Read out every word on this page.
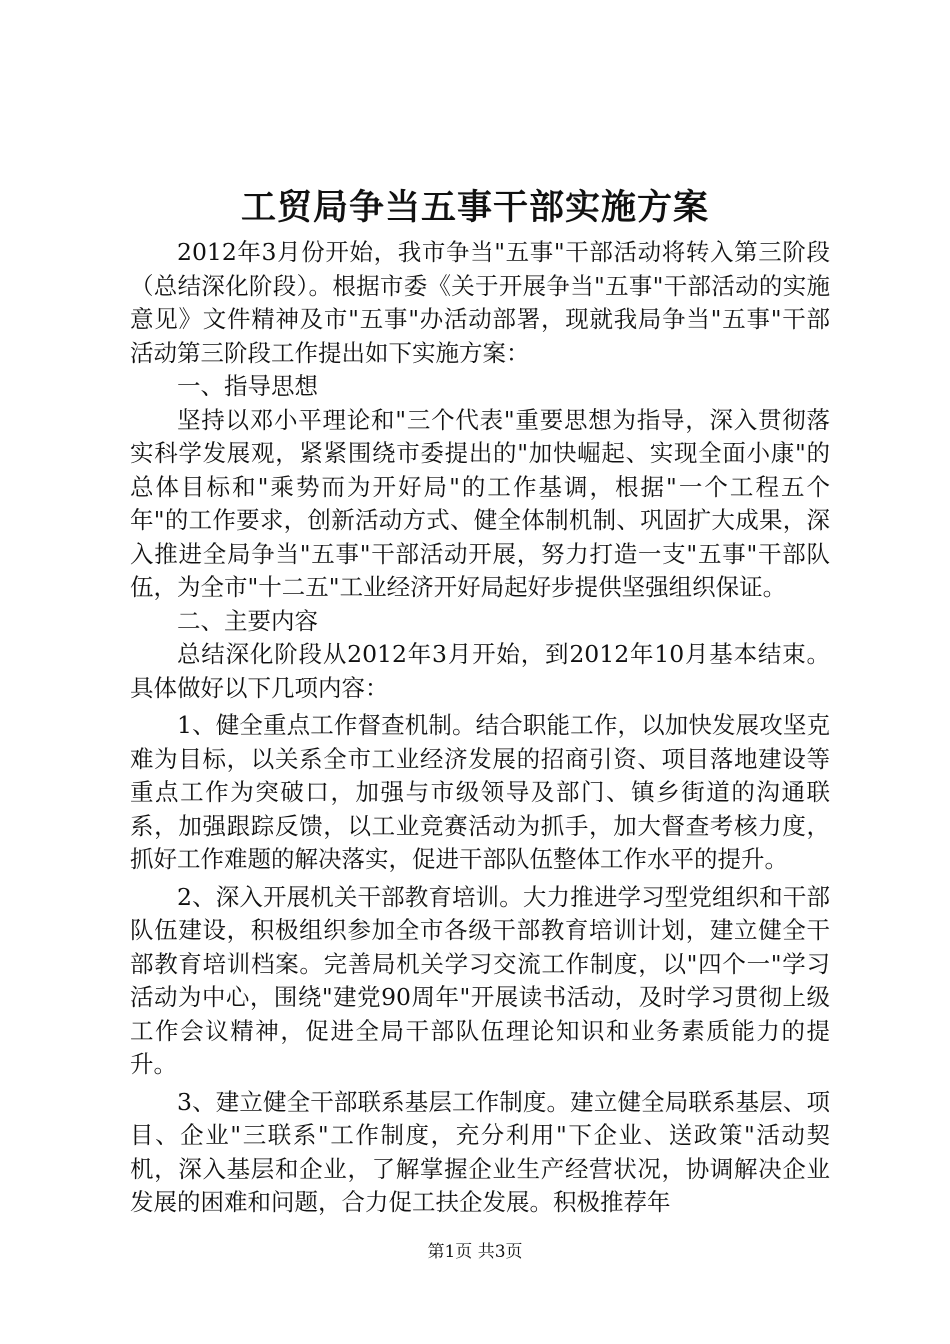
工贸局争当五事干部实施方案

2012年3月份开始，我市争当"五事"干部活动将转入第三阶段（总结深化阶段）。根据市委《关于开展争当"五事"干部活动的实施意见》文件精神及市"五事"办活动部署，现就我局争当"五事"干部活动第三阶段工作提出如下实施方案：

一、指导思想

坚持以邓小平理论和"三个代表"重要思想为指导，深入贯彻落实科学发展观，紧紧围绕市委提出的"加快崛起、实现全面小康"的总体目标和"乘势而为开好局"的工作基调，根据"一个工程五个年"的工作要求，创新活动方式、健全体制机制、巩固扩大成果，深入推进全局争当"五事"干部活动开展，努力打造一支"五事"干部队伍，为全市"十二五"工业经济开好局起好步提供坚强组织保证。

二、主要内容

总结深化阶段从2012年3月开始，到2012年10月基本结束。具体做好以下几项内容：

1、健全重点工作督查机制。结合职能工作，以加快发展攻坚克难为目标，以关系全市工业经济发展的招商引资、项目落地建设等重点工作为突破口，加强与市级领导及部门、镇乡街道的沟通联系，加强跟踪反馈，以工业竞赛活动为抓手，加大督查考核力度，抓好工作难题的解决落实，促进干部队伍整体工作水平的提升。

2、深入开展机关干部教育培训。大力推进学习型党组织和干部队伍建设，积极组织参加全市各级干部教育培训计划，建立健全干部教育培训档案。完善局机关学习交流工作制度，以"四个一"学习活动为中心，围绕"建党90周年"开展读书活动，及时学习贯彻上级工作会议精神，促进全局干部队伍理论知识和业务素质能力的提升。

3、建立健全干部联系基层工作制度。建立健全局联系基层、项目、企业"三联系"工作制度，充分利用"下企业、送政策"活动契机，深入基层和企业，了解掌握企业生产经营状况，协调解决企业发展的困难和问题，合力促工扶企发展。积极推荐年

第1页 共3页
